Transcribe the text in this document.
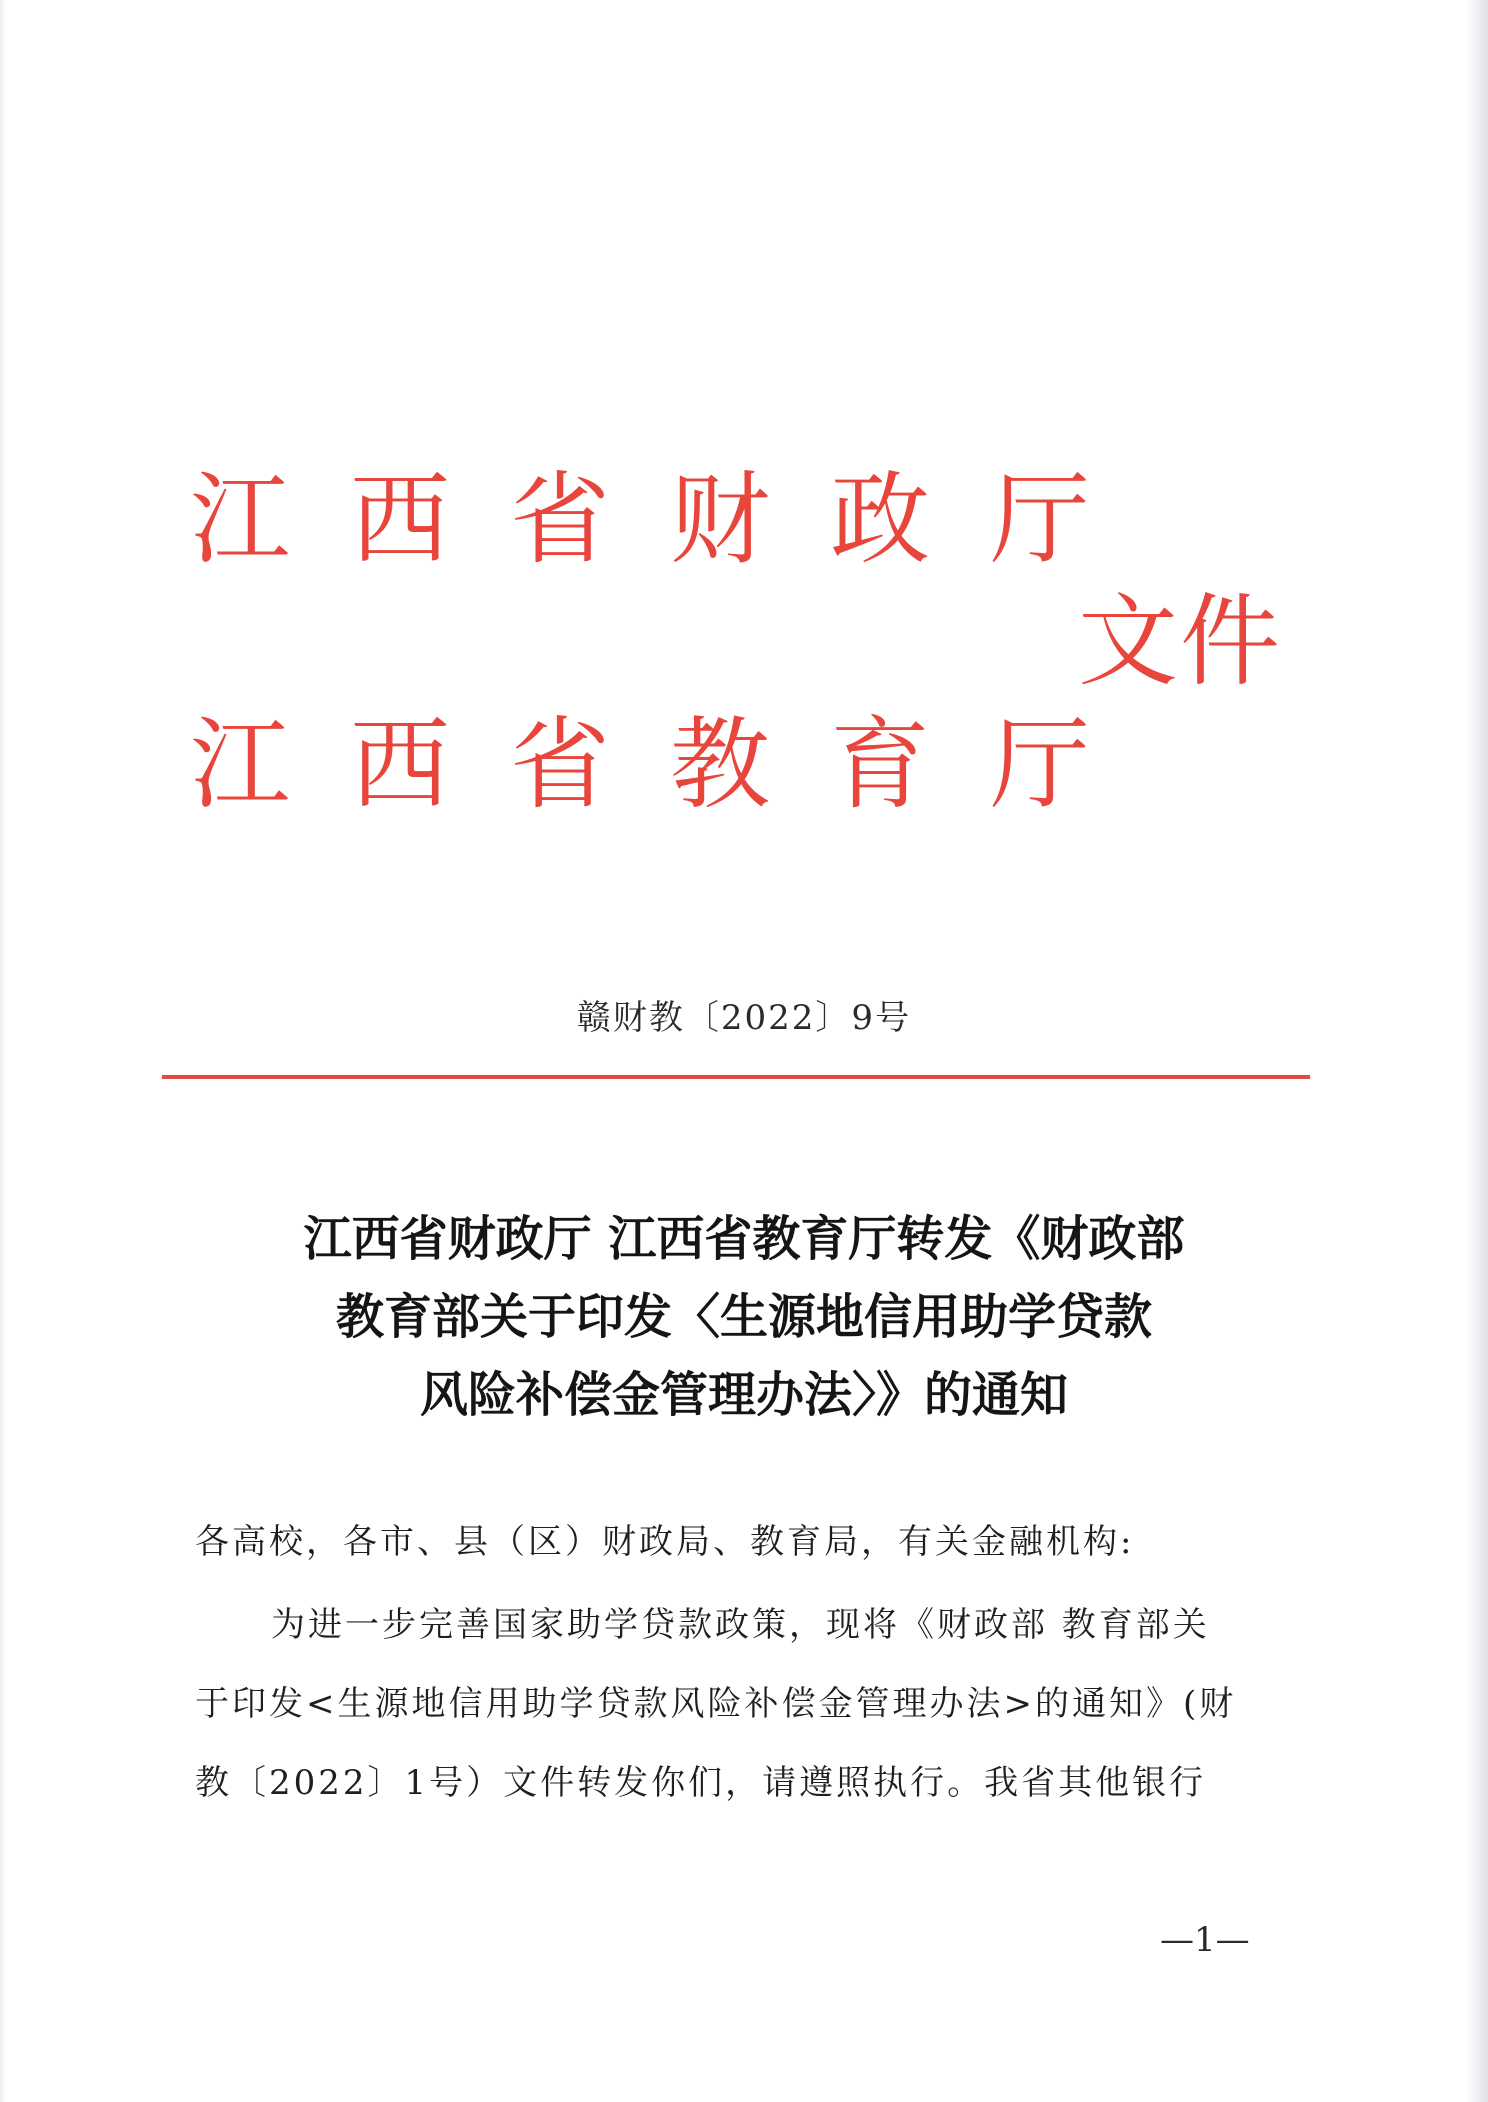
江西省财政厅
文件
江西省教育厅
赣财教〔2022〕9号
江西省财政厅 江西省教育厅转发《财政部
教育部关于印发〈生源地信用助学贷款
风险补偿金管理办法〉》的通知
各高校，各市、县（区）财政局、教育局，有关金融机构:
为进一步完善国家助学贷款政策，现将《财政部 教育部关
于印发<生源地信用助学贷款风险补偿金管理办法>的通知》(财
教〔2022〕1号）文件转发你们，请遵照执行。我省其他银行
—1—
